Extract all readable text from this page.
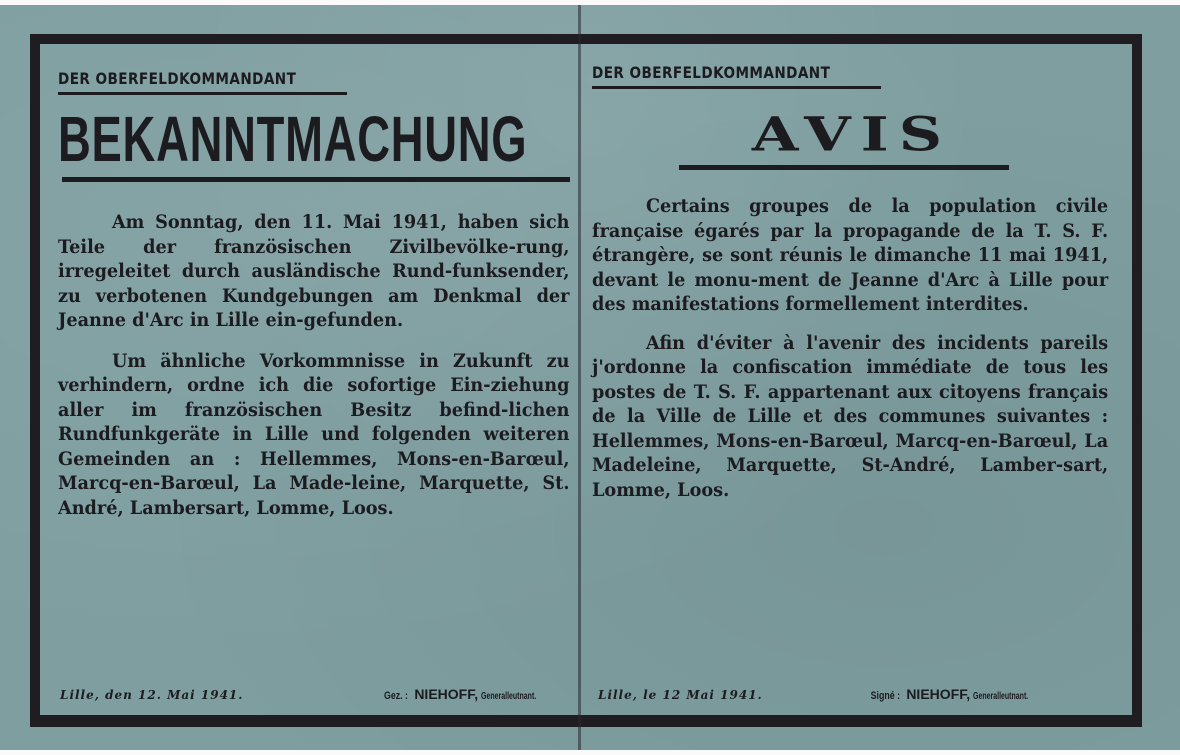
DER OBERFELDKOMMANDANT
BEKANNTMACHUNG

Am Sonntag, den 11. Mai 1941, haben sich Teile der französischen Zivilbevölke-rung, irregeleitet durch ausländische Rund-funksender, zu verbotenen Kundgebungen am Denkmal der Jeanne d'Arc in Lille ein-gefunden.

Um ähnliche Vorkommnisse in Zukunft zu verhindern, ordne ich die sofortige Ein-ziehung aller im französischen Besitz befind-lichen Rundfunkgeräte in Lille und folgenden weiteren Gemeinden an : Hellemmes, Mons-en-Barœul, Marcq-en-Barœul, La Made-leine, Marquette, St. André, Lambersart, Lomme, Loos.

Lille, den 12. Mai 1941.	Gez. : NIEHOFF, Generalleutnant.
DER OBERFELDKOMMANDANT
AVIS

Certains groupes de la population civile française égarés par la propagande de la T. S. F. étrangère, se sont réunis le dimanche 11 mai 1941, devant le monu-ment de Jeanne d'Arc à Lille pour des manifestations formellement interdites.

Afin d'éviter à l'avenir des incidents pareils j'ordonne la confiscation immédiate de tous les postes de T. S. F. appartenant aux citoyens français de la Ville de Lille et des communes suivantes : Hellemmes, Mons-en-Barœul, Marcq-en-Barœul, La Madeleine, Marquette, St-André, Lamber-sart, Lomme, Loos.

Lille, le 12 Mai 1941.	Signé : NIEHOFF, Generalleutnant.
